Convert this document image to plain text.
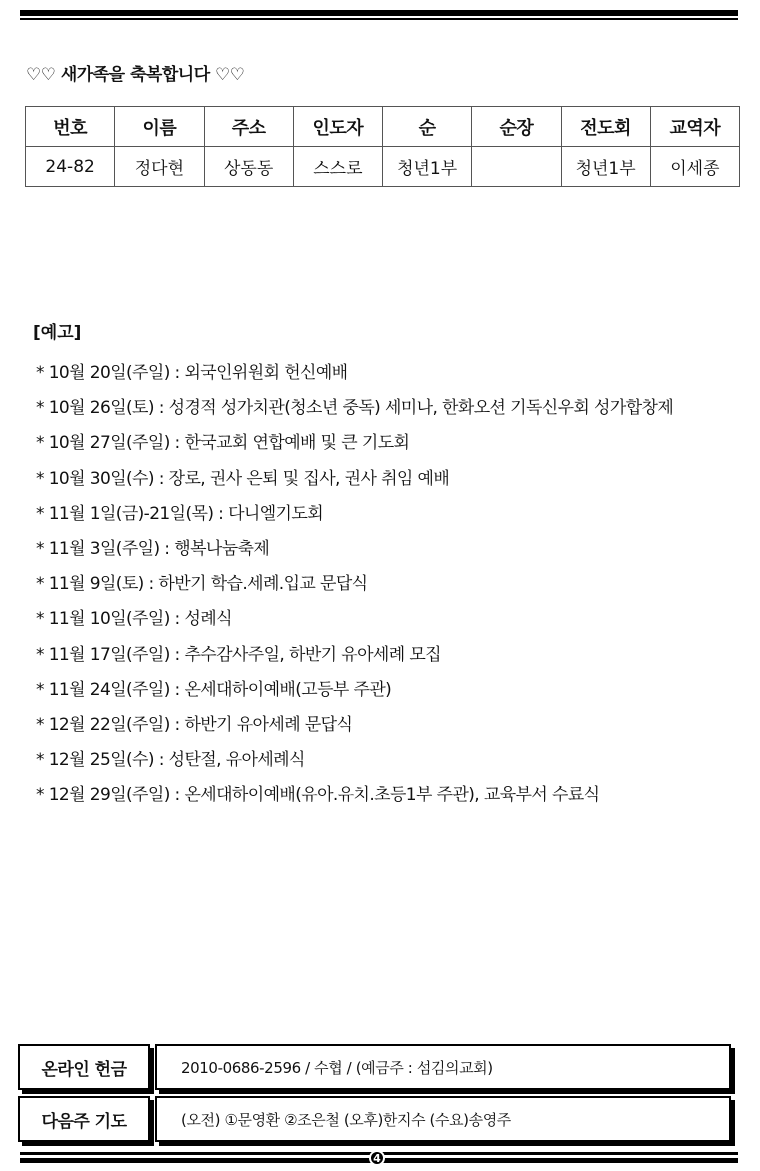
♡♡ 새가족을 축복합니다 ♡♡
번호	이름	주소	인도자	순	순장	전도회	교역자
24-82	정다현	상동동	스스로	청년1부		청년1부	이세종
[예고]
* 10월 20일(주일) : 외국인위원회 헌신예배
* 10월 26일(토) : 성경적 성가치관(청소년 중독) 세미나, 한화오션 기독신우회 성가합창제
* 10월 27일(주일) : 한국교회 연합예배 및 큰 기도회
* 10월 30일(수) : 장로, 권사 은퇴 및 집사, 권사 취임 예배
* 11월 1일(금)-21일(목) : 다니엘기도회
* 11월 3일(주일) : 행복나눔축제
* 11월 9일(토) : 하반기 학습.세례.입교 문답식
* 11월 10일(주일) : 성례식
* 11월 17일(주일) : 추수감사주일, 하반기 유아세례 모집
* 11월 24일(주일) : 온세대하이예배(고등부 주관)
* 12월 22일(주일) : 하반기 유아세례 문답식
* 12월 25일(수) : 성탄절, 유아세례식
* 12월 29일(주일) : 온세대하이예배(유아.유치.초등1부 주관), 교육부서 수료식
온라인 헌금	2010-0686-2596 / 수협 / (예금주 : 섬김의교회)
다음주 기도	(오전) ①문영환 ②조은철 (오후)한지수 (수요)송영주
4
